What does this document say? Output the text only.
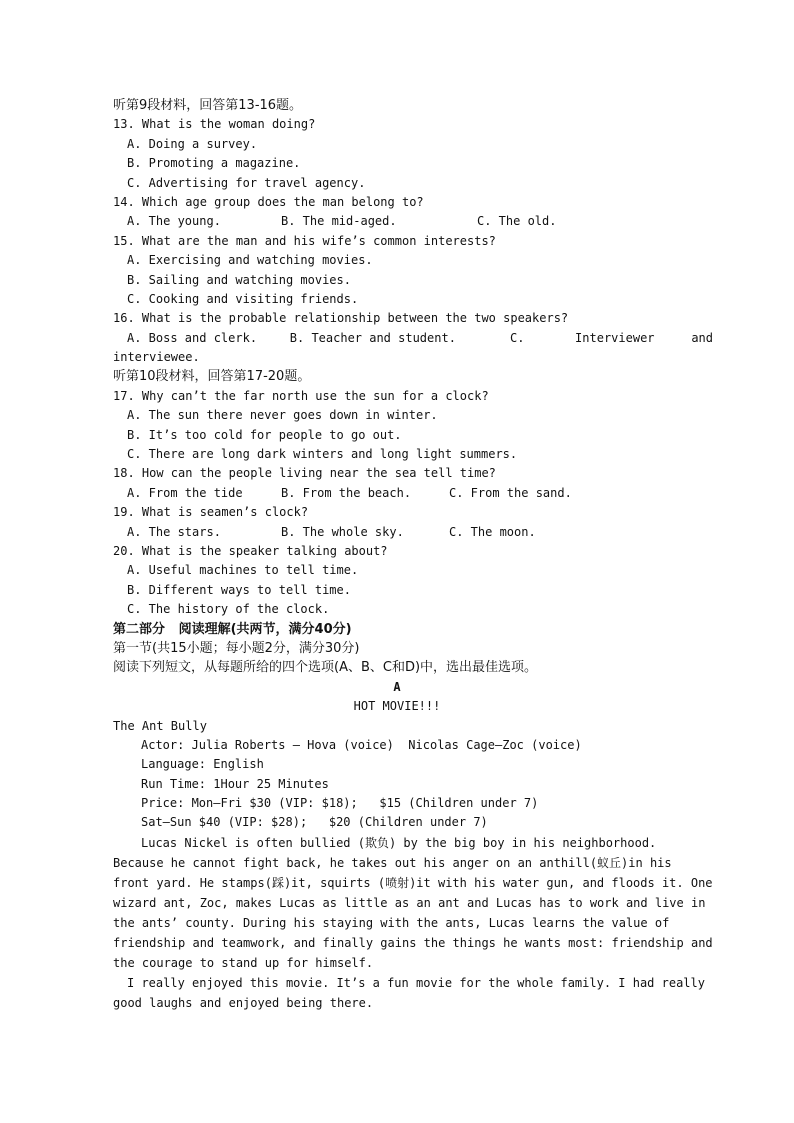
听第9段材料，回答第13-16题。
13. What is the woman doing?
A. Doing a survey.
B. Promoting a magazine.
C. Advertising for travel agency.
14. Which age group does the man belong to?
A. The young.	B. The mid-aged.	C. The old.
15. What are the man and his wife’s common interests?
A. Exercising and watching movies.
B. Sailing and watching movies.
C. Cooking and visiting friends.
16. What is the probable relationship between the two speakers?
A. Boss and clerk.	B. Teacher and student.	C.       Interviewer	and
interviewee.
听第10段材料，回答第17-20题。
17. Why can’t the far north use the sun for a clock?
A. The sun there never goes down in winter.
B. It’s too cold for people to go out.
C. There are long dark winters and long light summers.
18. How can the people living near the sea tell time?
A. From the tide	B. From the beach.	C. From the sand.
19. What is seamen’s clock?
A. The stars.	B. The whole sky.	C. The moon.
20. What is the speaker talking about?
A. Useful machines to tell time.
B. Different ways to tell time.
C. The history of the clock.
第二部分   阅读理解(共两节，满分40分)
第一节(共15小题；每小题2分，满分30分)
阅读下列短文，从每题所给的四个选项(A、B、C和D)中，选出最佳选项。
A
HOT MOVIE!!!
The Ant Bully
Actor: Julia Roberts — Hova (voice)  Nicolas Cage—Zoc (voice)
Language: English
Run Time: 1Hour 25 Minutes
Price: Mon—Fri $30 (VIP: $18);   $15 (Children under 7)
Sat—Sun $40 (VIP: $28);   $20 (Children under 7)
Lucas Nickel is often bullied (欺负) by the big boy in his neighborhood. Because he cannot fight back, he takes out his anger on an anthill(蚁丘)in his front yard. He stamps(踩)it, squirts (喷射)it with his water gun, and floods it. One wizard ant, Zoc, makes Lucas as little as an ant and Lucas has to work and live in the ants’ county. During his staying with the ants, Lucas learns the value of friendship and teamwork, and finally gains the things he wants most: friendship and the courage to stand up for himself.
I really enjoyed this movie. It’s a fun movie for the whole family. I had really good laughs and enjoyed being there.
